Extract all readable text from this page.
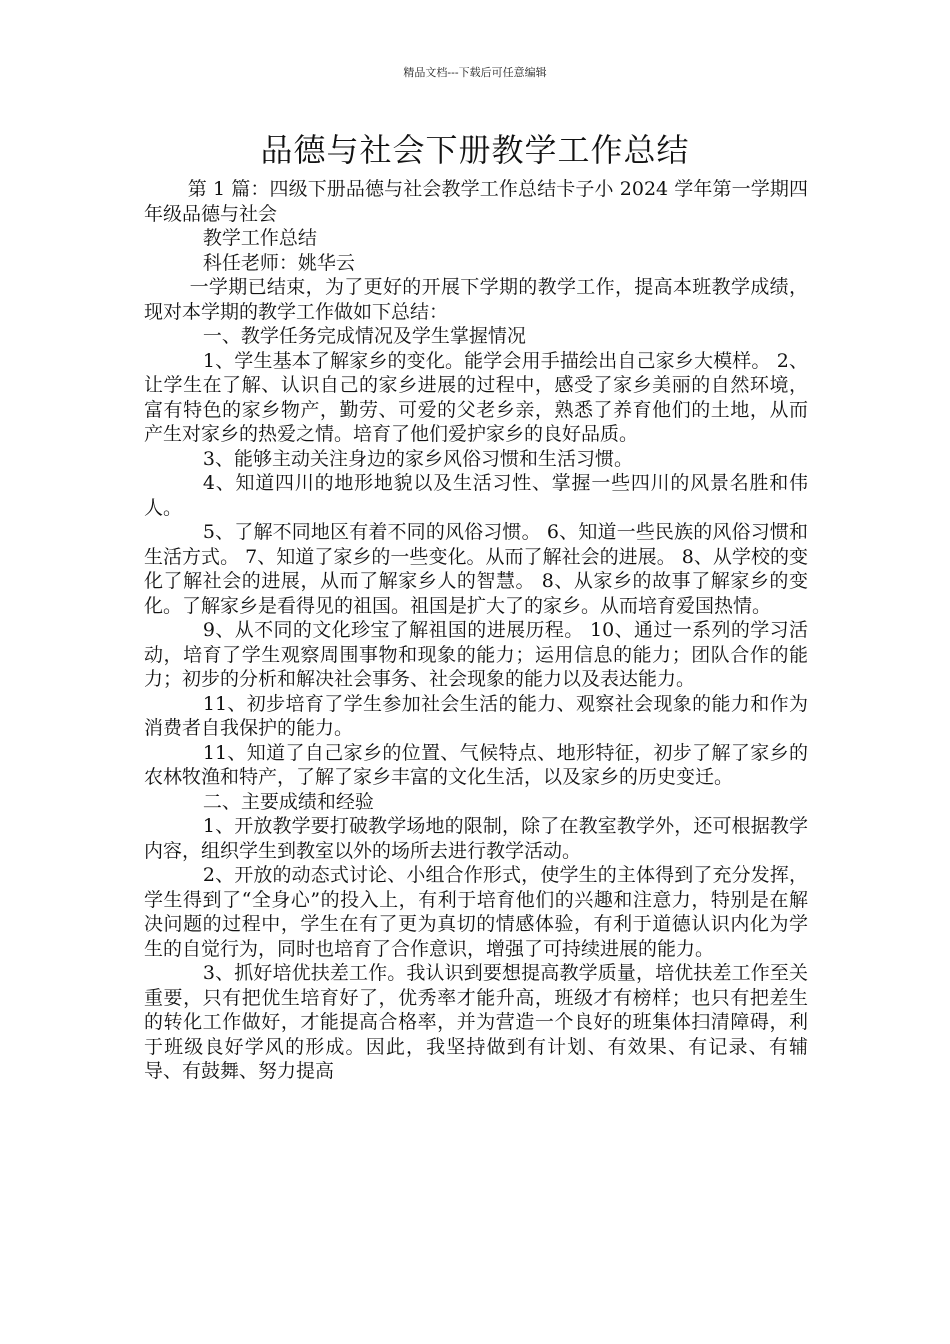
精品文档---下载后可任意编辑
品德与社会下册教学工作总结

第 1 篇：四级下册品德与社会教学工作总结卡子小 2024 学年第一学期四年级品德与社会

教学工作总结

科任老师：姚华云

一学期已结束，为了更好的开展下学期的教学工作，提高本班教学成绩，现对本学期的教学工作做如下总结：

一、教学任务完成情况及学生掌握情况

1、学生基本了解家乡的变化。能学会用手描绘出自己家乡大模样。 2、让学生在了解、认识自己的家乡进展的过程中，感受了家乡美丽的自然环境，富有特色的家乡物产，勤劳、可爱的父老乡亲，熟悉了养育他们的土地，从而产生对家乡的热爱之情。培育了他们爱护家乡的良好品质。

3、能够主动关注身边的家乡风俗习惯和生活习惯。

4、知道四川的地形地貌以及生活习性、掌握一些四川的风景名胜和伟人。

5、了解不同地区有着不同的风俗习惯。 6、知道一些民族的风俗习惯和生活方式。 7、知道了家乡的一些变化。从而了解社会的进展。 8、从学校的变化了解社会的进展，从而了解家乡人的智慧。 8、从家乡的故事了解家乡的变化。了解家乡是看得见的祖国。祖国是扩大了的家乡。从而培育爱国热情。

9、从不同的文化珍宝了解祖国的进展历程。 10、通过一系列的学习活动，培育了学生观察周围事物和现象的能力；运用信息的能力；团队合作的能力；初步的分析和解决社会事务、社会现象的能力以及表达能力。

11、初步培育了学生参加社会生活的能力、观察社会现象的能力和作为消费者自我保护的能力。

11、知道了自己家乡的位置、气候特点、地形特征，初步了解了家乡的农林牧渔和特产，了解了家乡丰富的文化生活，以及家乡的历史变迁。

二、主要成绩和经验

1、开放教学要打破教学场地的限制，除了在教室教学外，还可根据教学内容，组织学生到教室以外的场所去进行教学活动。

2、开放的动态式讨论、小组合作形式，使学生的主体得到了充分发挥，学生得到了“全身心”的投入上，有利于培育他们的兴趣和注意力，特别是在解决问题的过程中，学生在有了更为真切的情感体验，有利于道德认识内化为学生的自觉行为，同时也培育了合作意识，增强了可持续进展的能力。

3、抓好培优扶差工作。我认识到要想提高教学质量，培优扶差工作至关重要，只有把优生培育好了，优秀率才能升高，班级才有榜样；也只有把差生的转化工作做好，才能提高合格率，并为营造一个良好的班集体扫清障碍，利于班级良好学风的形成。因此，我坚持做到有计划、有效果、有记录、有辅导、有鼓舞、努力提高
